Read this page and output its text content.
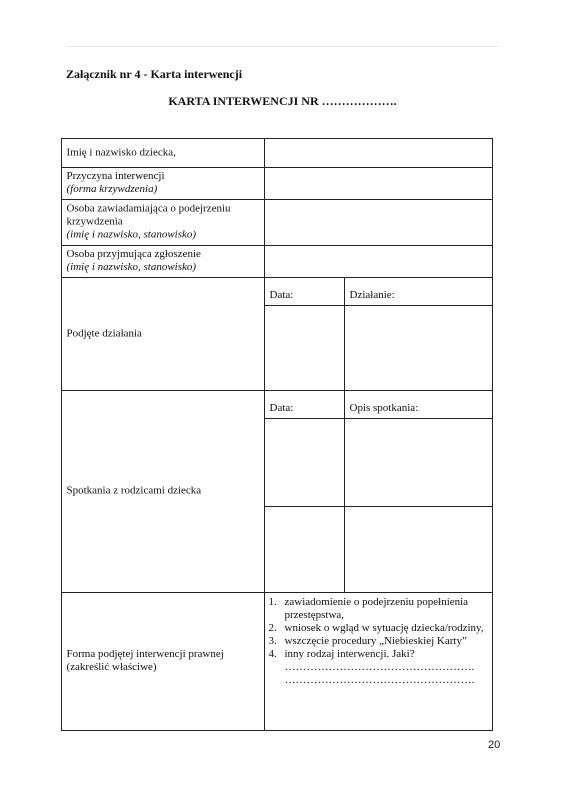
Załącznik nr 4 - Karta interwencji
KARTA INTERWENCJI NR ……………….
Imię i nazwisko dziecka,
Przyczyna interwencji
(forma krzywdzenia)
Osoba zawiadamiająca o podejrzeniu
krzywdzenia
(imię i nazwisko, stanowisko)
Osoba przyjmująca zgłoszenie
(imię i nazwisko, stanowisko)
Podjęte działania
Data:	Działanie:
Spotkania z rodzicami dziecka
Data:	Opis spotkania:
Forma podjętej interwencji prawnej
(zakreślić właściwe)
1. zawiadomienie o podejrzeniu popełnienia przestępstwa,
2. wniosek o wgląd w sytuację dziecka/rodziny,
3. wszczęcie procedury „Niebieskiej Karty”
4. inny rodzaj interwencji. Jaki?
…………………………………………….
…………………………………………….
20
